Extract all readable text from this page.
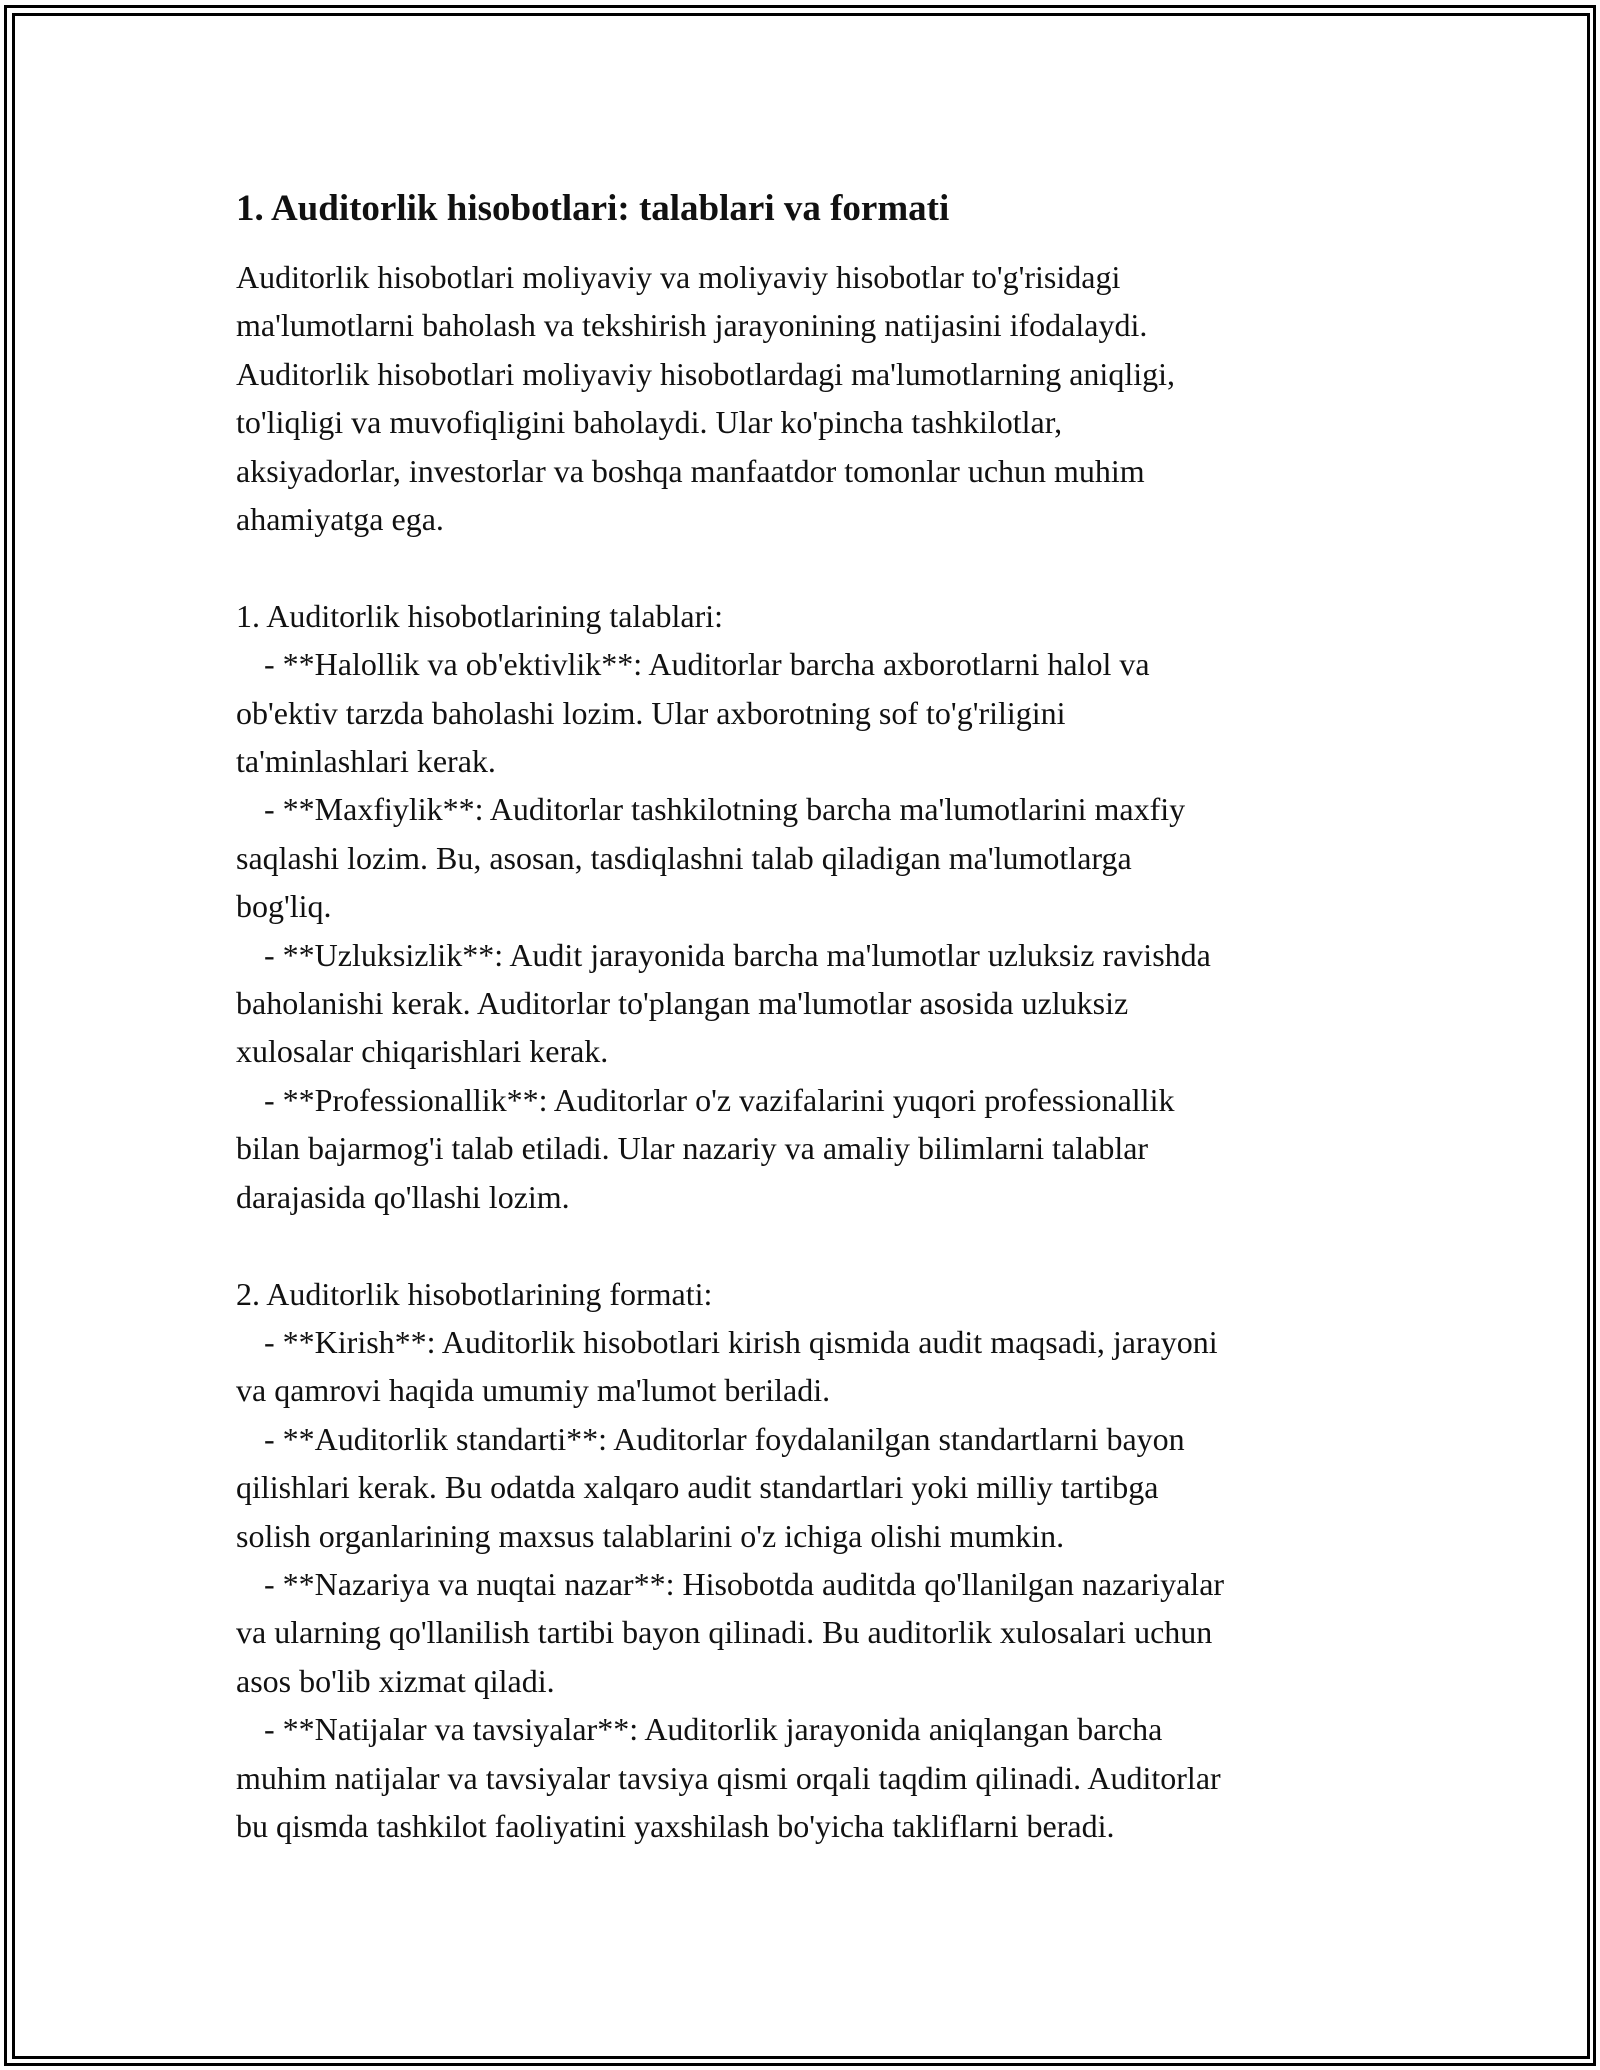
1. Auditorlik hisobotlari: talablari va formati

Auditorlik hisobotlari moliyaviy va moliyaviy hisobotlar to'g'risidagi

ma'lumotlarni baholash va tekshirish jarayonining natijasini ifodalaydi.

Auditorlik hisobotlari moliyaviy hisobotlardagi ma'lumotlarning aniqligi,

to'liqligi va muvofiqligini baholaydi. Ular ko'pincha tashkilotlar,

aksiyadorlar, investorlar va boshqa manfaatdor tomonlar uchun muhim

ahamiyatga ega.

1. Auditorlik hisobotlarining talablari:

- **Halollik va ob'ektivlik**: Auditorlar barcha axborotlarni halol va

ob'ektiv tarzda baholashi lozim. Ular axborotning sof to'g'riligini

ta'minlashlari kerak.

- **Maxfiylik**: Auditorlar tashkilotning barcha ma'lumotlarini maxfiy

saqlashi lozim. Bu, asosan, tasdiqlashni talab qiladigan ma'lumotlarga

bog'liq.

- **Uzluksizlik**: Audit jarayonida barcha ma'lumotlar uzluksiz ravishda

baholanishi kerak. Auditorlar to'plangan ma'lumotlar asosida uzluksiz

xulosalar chiqarishlari kerak.

- **Professionallik**: Auditorlar o'z vazifalarini yuqori professionallik

bilan bajarmog'i talab etiladi. Ular nazariy va amaliy bilimlarni talablar

darajasida qo'llashi lozim.

2. Auditorlik hisobotlarining formati:

- **Kirish**: Auditorlik hisobotlari kirish qismida audit maqsadi, jarayoni

va qamrovi haqida umumiy ma'lumot beriladi.

- **Auditorlik standarti**: Auditorlar foydalanilgan standartlarni bayon

qilishlari kerak. Bu odatda xalqaro audit standartlari yoki milliy tartibga

solish organlarining maxsus talablarini o'z ichiga olishi mumkin.

- **Nazariya va nuqtai nazar**: Hisobotda auditda qo'llanilgan nazariyalar

va ularning qo'llanilish tartibi bayon qilinadi. Bu auditorlik xulosalari uchun

asos bo'lib xizmat qiladi.

- **Natijalar va tavsiyalar**: Auditorlik jarayonida aniqlangan barcha

muhim natijalar va tavsiyalar tavsiya qismi orqali taqdim qilinadi. Auditorlar

bu qismda tashkilot faoliyatini yaxshilash bo'yicha takliflarni beradi.
